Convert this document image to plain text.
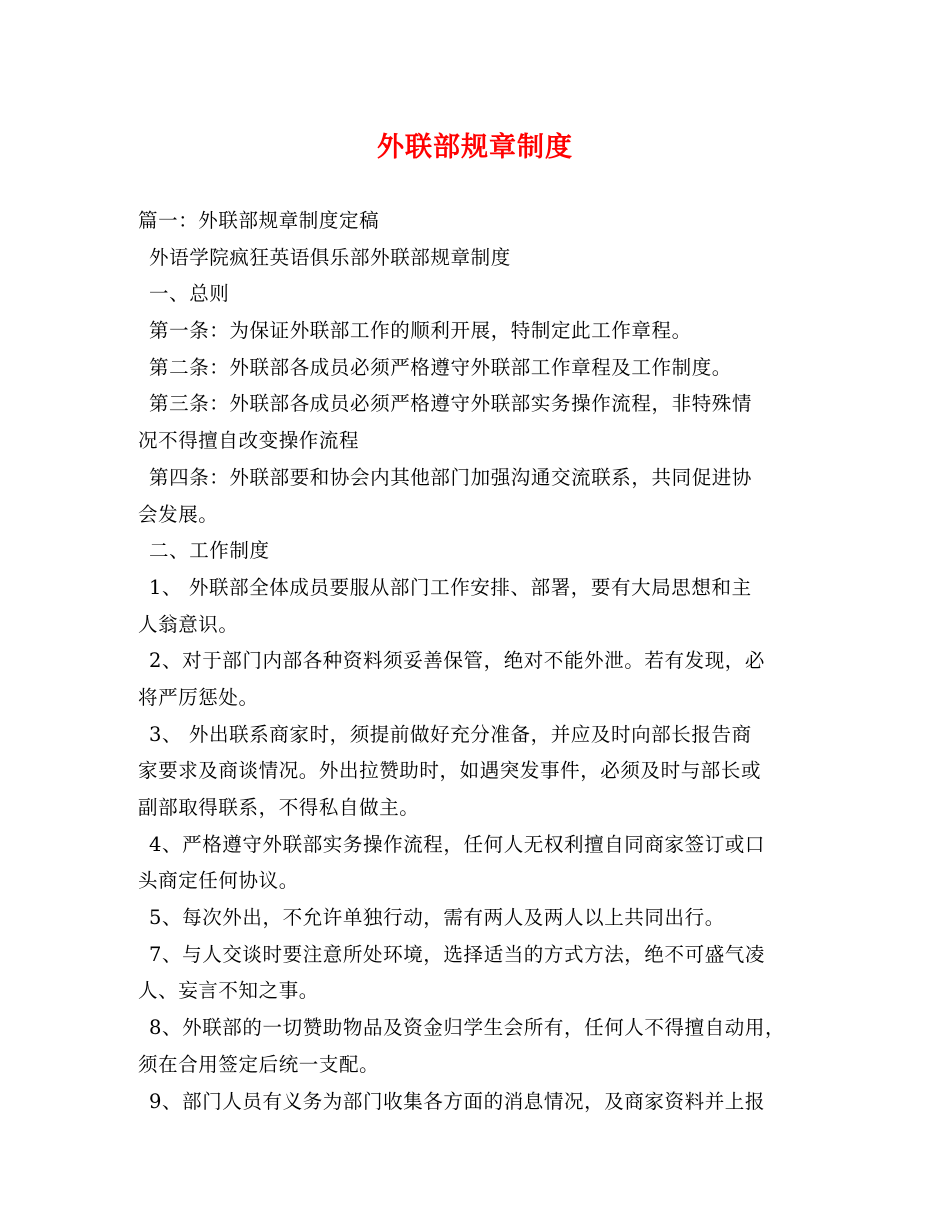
外联部规章制度
篇一：外联部规章制度定稿
外语学院疯狂英语俱乐部外联部规章制度
一、总则
第一条：为保证外联部工作的顺利开展，特制定此工作章程。
第二条：外联部各成员必须严格遵守外联部工作章程及工作制度。
第三条：外联部各成员必须严格遵守外联部实务操作流程，非特殊情
况不得擅自改变操作流程
第四条：外联部要和协会内其他部门加强沟通交流联系，共同促进协
会发展。
二、工作制度
1、 外联部全体成员要服从部门工作安排、部署，要有大局思想和主
人翁意识。
2、对于部门内部各种资料须妥善保管，绝对不能外泄。若有发现，必
将严厉惩处。
3、 外出联系商家时，须提前做好充分准备，并应及时向部长报告商
家要求及商谈情况。外出拉赞助时，如遇突发事件，必须及时与部长或
副部取得联系，不得私自做主。
4、严格遵守外联部实务操作流程，任何人无权利擅自同商家签订或口
头商定任何协议。
5、每次外出，不允许单独行动，需有两人及两人以上共同出行。
7、与人交谈时要注意所处环境，选择适当的方式方法，绝不可盛气凌
人、妄言不知之事。
8、外联部的一切赞助物品及资金归学生会所有，任何人不得擅自动用，
须在合用签定后统一支配。
9、部门人员有义务为部门收集各方面的消息情况，及商家资料并上报
